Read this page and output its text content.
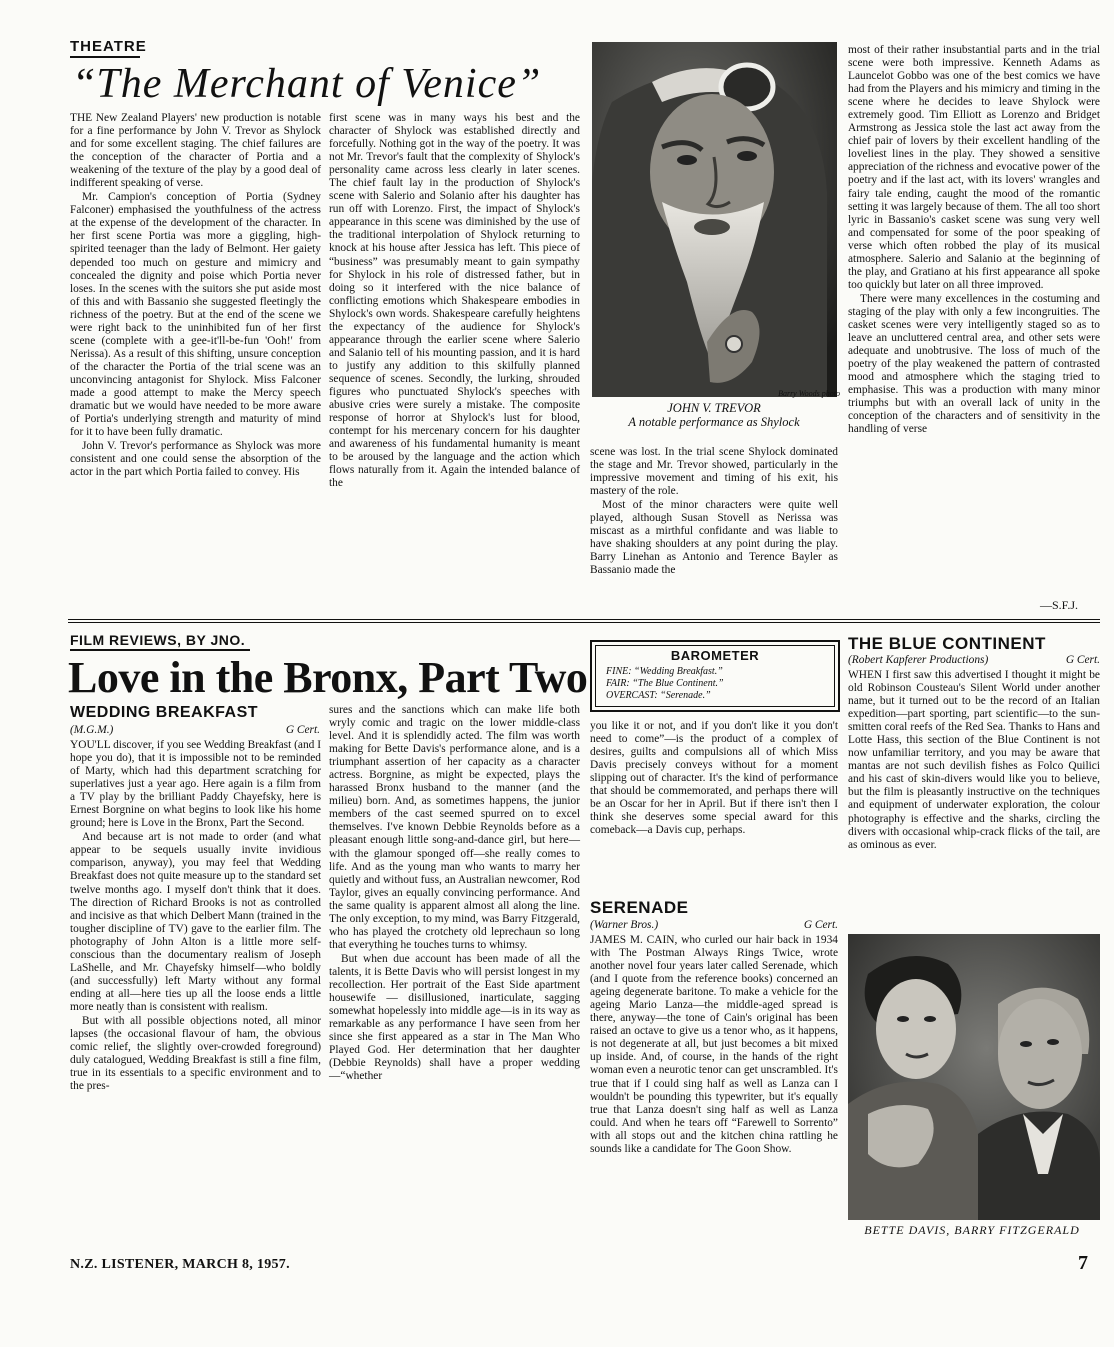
THEATRE
“The Merchant of Venice”

THE New Zealand Players' new production is notable for a fine performance by John V. Trevor as Shylock and for some excellent staging. The chief failures are the conception of the character of Portia and a weakening of the texture of the play by a good deal of indifferent speaking of verse.

Mr. Campion's conception of Portia (Sydney Falconer) emphasised the youthfulness of the actress at the expense of the development of the character. In her first scene Portia was more a giggling, high-spirited teenager than the lady of Belmont. Her gaiety depended too much on gesture and mimicry and concealed the dignity and poise which Portia never loses. In the scenes with the suitors she put aside most of this and with Bassanio she suggested fleetingly the richness of the poetry. But at the end of the scene we were right back to the uninhibited fun of her first scene (complete with a gee-it'll-be-fun 'Ooh!' from Nerissa). As a result of this shifting, unsure conception of the character the Portia of the trial scene was an unconvincing antagonist for Shylock. Miss Falconer made a good attempt to make the Mercy speech dramatic but we would have needed to be more aware of Portia's underlying strength and maturity of mind for it to have been fully dramatic.

John V. Trevor's performance as Shylock was more consistent and one could sense the absorption of the actor in the part which Portia failed to convey. His

first scene was in many ways his best and the character of Shylock was established directly and forcefully. Nothing got in the way of the poetry. It was not Mr. Trevor's fault that the complexity of Shylock's personality came across less clearly in later scenes. The chief fault lay in the production of Shylock's scene with Salerio and Solanio after his daughter has run off with Lorenzo. First, the impact of Shylock's appearance in this scene was diminished by the use of the traditional interpolation of Shylock returning to knock at his house after Jessica has left. This piece of “business” was presumably meant to gain sympathy for Shylock in his role of distressed father, but in doing so it interfered with the nice balance of conflicting emotions which Shakespeare embodies in Shylock's own words. Shakespeare carefully heightens the expectancy of the audience for Shylock's appearance through the earlier scene where Salerio and Salanio tell of his mounting passion, and it is hard to justify any addition to this skilfully planned sequence of scenes. Secondly, the lurking, shrouded figures who punctuated Shylock's speeches with abusive cries were surely a mistake. The composite response of horror at Shylock's lust for blood, contempt for his mercenary concern for his daughter and awareness of his fundamental humanity is meant to be aroused by the language and the action which flows naturally from it. Again the intended balance of the

Barry Woods photo
JOHN V. TREVOR
A notable performance as Shylock

scene was lost. In the trial scene Shylock dominated the stage and Mr. Trevor showed, particularly in the impressive movement and timing of his exit, his mastery of the role.

Most of the minor characters were quite well played, although Susan Stovell as Nerissa was miscast as a mirthful confidante and was liable to have shaking shoulders at any point during the play. Barry Linehan as Antonio and Terence Bayler as Bassanio made the

most of their rather insubstantial parts and in the trial scene were both impressive. Kenneth Adams as Launcelot Gobbo was one of the best comics we have had from the Players and his mimicry and timing in the scene where he decides to leave Shylock were extremely good. Tim Elliott as Lorenzo and Bridget Armstrong as Jessica stole the last act away from the chief pair of lovers by their excellent handling of the loveliest lines in the play. They showed a sensitive appreciation of the richness and evocative power of the poetry and if the last act, with its lovers' wrangles and fairy tale ending, caught the mood of the romantic setting it was largely because of them. The all too short lyric in Bassanio's casket scene was sung very well and compensated for some of the poor speaking of verse which often robbed the play of its musical atmosphere. Salerio and Salanio at the beginning of the play, and Gratiano at his first appearance all spoke too quickly but later on all three improved.

There were many excellences in the costuming and staging of the play with only a few incongruities. The casket scenes were very intelligently staged so as to leave an uncluttered central area, and other sets were adequate and unobtrusive. The loss of much of the poetry of the play weakened the pattern of contrasted mood and atmosphere which the staging tried to emphasise. This was a production with many minor triumphs but with an overall lack of unity in the conception of the characters and of sensitivity in the handling of verse

—S.F.J.
FILM REVIEWS, BY JNO.
Love in the Bronx, Part Two
WEDDING BREAKFAST
(M.G.M.)	G Cert.

YOU'LL discover, if you see Wedding Breakfast (and I hope you do), that it is impossible not to be reminded of Marty, which had this department scratching for superlatives just a year ago. Here again is a film from a TV play by the brilliant Paddy Chayefsky, here is Ernest Borgnine on what begins to look like his home ground; here is Love in the Bronx, Part the Second.

And because art is not made to order (and what appear to be sequels usually invite invidious comparison, anyway), you may feel that Wedding Breakfast does not quite measure up to the standard set twelve months ago. I myself don't think that it does. The direction of Richard Brooks is not as controlled and incisive as that which Delbert Mann (trained in the tougher discipline of TV) gave to the earlier film. The photography of John Alton is a little more self-conscious than the documentary realism of Joseph LaShelle, and Mr. Chayefsky himself—who boldly (and successfully) left Marty without any formal ending at all—here ties up all the loose ends a little more neatly than is consistent with realism.

But with all possible objections noted, all minor lapses (the occasional flavour of ham, the obvious comic relief, the slightly over-crowded foreground) duly catalogued, Wedding Breakfast is still a fine film, true in its essentials to a specific environment and to the pres-

sures and the sanctions which can make life both wryly comic and tragic on the lower middle-class level. And it is splendidly acted. The film was worth making for Bette Davis's performance alone, and is a triumphant assertion of her capacity as a character actress. Borgnine, as might be expected, plays the harassed Bronx husband to the manner (and the milieu) born. And, as sometimes happens, the junior members of the cast seemed spurred on to excel themselves. I've known Debbie Reynolds before as a pleasant enough little song-and-dance girl, but here—with the glamour sponged off—she really comes to life. And as the young man who wants to marry her quietly and without fuss, an Australian newcomer, Rod Taylor, gives an equally convincing performance. And the same quality is apparent almost all along the line. The only exception, to my mind, was Barry Fitzgerald, who has played the crotchety old leprechaun so long that everything he touches turns to whimsy.

But when due account has been made of all the talents, it is Bette Davis who will persist longest in my recollection. Her portrait of the East Side apartment housewife — disillusioned, inarticulate, sagging somewhat hopelessly into middle age—is in its way as remarkable as any performance I have seen from her since she first appeared as a star in The Man Who Played God. Her determination that her daughter (Debbie Reynolds) shall have a proper wedding—“whether

BAROMETER
FINE: “Wedding Breakfast.”
FAIR: “The Blue Continent.”
OVERCAST: “Serenade.”

you like it or not, and if you don't like it you don't need to come”—is the product of a complex of desires, guilts and compulsions all of which Miss Davis precisely conveys without for a moment slipping out of character. It's the kind of performance that should be commemorated, and perhaps there will be an Oscar for her in April. But if there isn't then I think she deserves some special award for this comeback—a Davis cup, perhaps.

SERENADE
(Warner Bros.)	G Cert.

JAMES M. CAIN, who curled our hair back in 1934 with The Postman Always Rings Twice, wrote another novel four years later called Serenade, which (and I quote from the reference books) concerned an ageing degenerate baritone. To make a vehicle for the ageing Mario Lanza—the middle-aged spread is there, anyway—the tone of Cain's original has been raised an octave to give us a tenor who, as it happens, is not degenerate at all, but just becomes a bit mixed up inside. And, of course, in the hands of the right woman even a neurotic tenor can get unscrambled. It's true that if I could sing half as well as Lanza can I wouldn't be pounding this typewriter, but it's equally true that Lanza doesn't sing half as well as Lanza could. And when he tears off “Farewell to Sorrento” with all stops out and the kitchen china rattling he sounds like a candidate for The Goon Show.

THE BLUE CONTINENT
(Robert Kapferer Productions)	G Cert.

WHEN I first saw this advertised I thought it might be old Robinson Cousteau's Silent World under another name, but it turned out to be the record of an Italian expedition—part sporting, part scientific—to the sun-smitten coral reefs of the Red Sea. Thanks to Hans and Lotte Hass, this section of the Blue Continent is not now unfamiliar territory, and you may be aware that mantas are not such devilish fishes as Folco Quilici and his cast of skin-divers would like you to believe, but the film is pleasantly instructive on the techniques and equipment of underwater exploration, the colour photography is effective and the sharks, circling the divers with occasional whip-crack flicks of the tail, are as ominous as ever.

BETTE DAVIS, BARRY FITZGERALD
N.Z. LISTENER, MARCH 8, 1957.	7
